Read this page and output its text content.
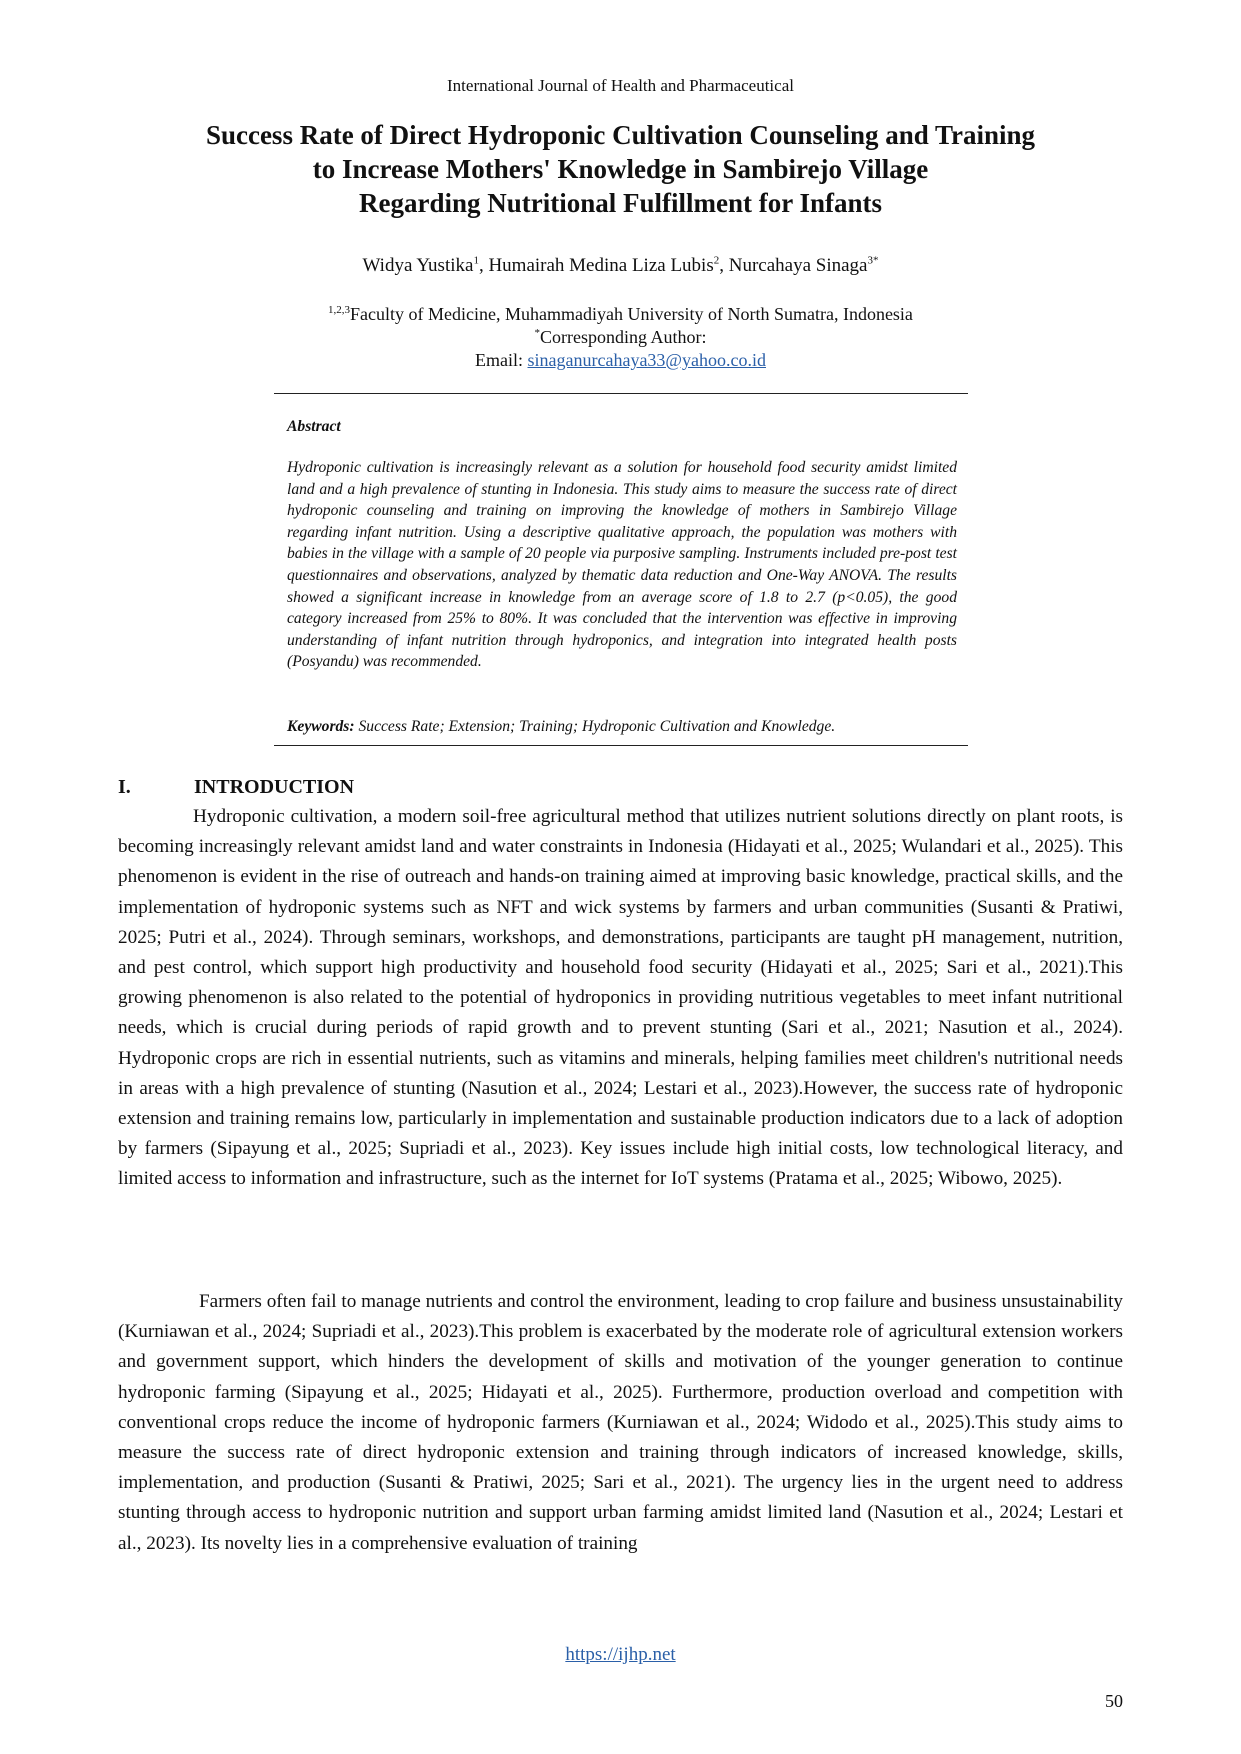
International Journal of Health and Pharmaceutical
Success Rate of Direct Hydroponic Cultivation Counseling and Training
to Increase Mothers' Knowledge in Sambirejo Village
Regarding Nutritional Fulfillment for Infants
Widya Yustika$^1$, Humairah Medina Liza Lubis$^2$, Nurcahaya Sinaga$^{3*}$
$^{1,2,3}$Faculty of Medicine, Muhammadiyah University of North Sumatra, Indonesia
*Corresponding Author:
Email: sinaganurcahaya33@yahoo.co.id
Abstract
Hydroponic cultivation is increasingly relevant as a solution for household food security amidst limited land and a high prevalence of stunting in Indonesia. This study aims to measure the success rate of direct hydroponic counseling and training on improving the knowledge of mothers in Sambirejo Village regarding infant nutrition. Using a descriptive qualitative approach, the population was mothers with babies in the village with a sample of 20 people via purposive sampling. Instruments included pre-post test questionnaires and observations, analyzed by thematic data reduction and One-Way ANOVA. The results showed a significant increase in knowledge from an average score of 1.8 to 2.7 (p<0.05), the good category increased from 25% to 80%. It was concluded that the intervention was effective in improving understanding of infant nutrition through hydroponics, and integration into integrated health posts (Posyandu) was recommended.
Keywords: Success Rate; Extension; Training; Hydroponic Cultivation and Knowledge.
I.	INTRODUCTION
Hydroponic cultivation, a modern soil-free agricultural method that utilizes nutrient solutions directly on plant roots, is becoming increasingly relevant amidst land and water constraints in Indonesia (Hidayati et al., 2025; Wulandari et al., 2025). This phenomenon is evident in the rise of outreach and hands-on training aimed at improving basic knowledge, practical skills, and the implementation of hydroponic systems such as NFT and wick systems by farmers and urban communities (Susanti & Pratiwi, 2025; Putri et al., 2024). Through seminars, workshops, and demonstrations, participants are taught pH management, nutrition, and pest control, which support high productivity and household food security (Hidayati et al., 2025; Sari et al., 2021).This growing phenomenon is also related to the potential of hydroponics in providing nutritious vegetables to meet infant nutritional needs, which is crucial during periods of rapid growth and to prevent stunting (Sari et al., 2021; Nasution et al., 2024). Hydroponic crops are rich in essential nutrients, such as vitamins and minerals, helping families meet children's nutritional needs in areas with a high prevalence of stunting (Nasution et al., 2024; Lestari et al., 2023).However, the success rate of hydroponic extension and training remains low, particularly in implementation and sustainable production indicators due to a lack of adoption by farmers (Sipayung et al., 2025; Supriadi et al., 2023). Key issues include high initial costs, low technological literacy, and limited access to information and infrastructure, such as the internet for IoT systems (Pratama et al., 2025; Wibowo, 2025).
Farmers often fail to manage nutrients and control the environment, leading to crop failure and business unsustainability (Kurniawan et al., 2024; Supriadi et al., 2023).This problem is exacerbated by the moderate role of agricultural extension workers and government support, which hinders the development of skills and motivation of the younger generation to continue hydroponic farming (Sipayung et al., 2025; Hidayati et al., 2025). Furthermore, production overload and competition with conventional crops reduce the income of hydroponic farmers (Kurniawan et al., 2024; Widodo et al., 2025).This study aims to measure the success rate of direct hydroponic extension and training through indicators of increased knowledge, skills, implementation, and production (Susanti & Pratiwi, 2025; Sari et al., 2021). The urgency lies in the urgent need to address stunting through access to hydroponic nutrition and support urban farming amidst limited land (Nasution et al., 2024; Lestari et al., 2023). Its novelty lies in a comprehensive evaluation of training
https://ijhp.net
50
